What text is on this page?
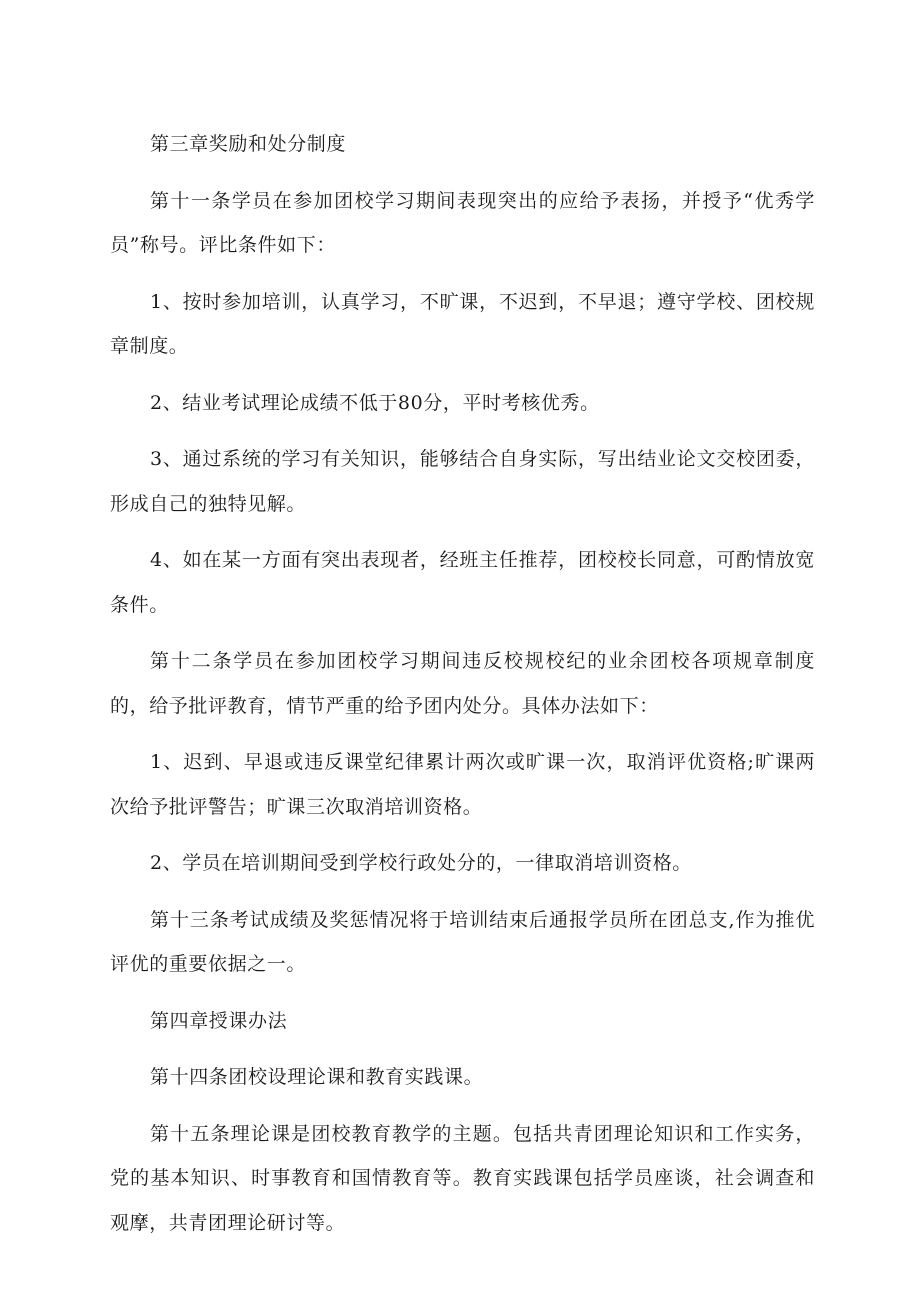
第三章奖励和处分制度

第十一条学员在参加团校学习期间表现突出的应给予表扬，并授予“优秀学员”称号。评比条件如下：

1、按时参加培训，认真学习，不旷课，不迟到，不早退；遵守学校、团校规章制度。

2、结业考试理论成绩不低于80分，平时考核优秀。

3、通过系统的学习有关知识，能够结合自身实际，写出结业论文交校团委，形成自己的独特见解。

4、如在某一方面有突出表现者，经班主任推荐，团校校长同意，可酌情放宽条件。

第十二条学员在参加团校学习期间违反校规校纪的业余团校各项规章制度的，给予批评教育，情节严重的给予团内处分。具体办法如下：

1、迟到、早退或违反课堂纪律累计两次或旷课一次，取消评优资格;旷课两次给予批评警告；旷课三次取消培训资格。

2、学员在培训期间受到学校行政处分的，一律取消培训资格。

第十三条考试成绩及奖惩情况将于培训结束后通报学员所在团总支,作为推优评优的重要依据之一。

第四章授课办法

第十四条团校设理论课和教育实践课。

第十五条理论课是团校教育教学的主题。包括共青团理论知识和工作实务，党的基本知识、时事教育和国情教育等。教育实践课包括学员座谈，社会调查和观摩，共青团理论研讨等。
